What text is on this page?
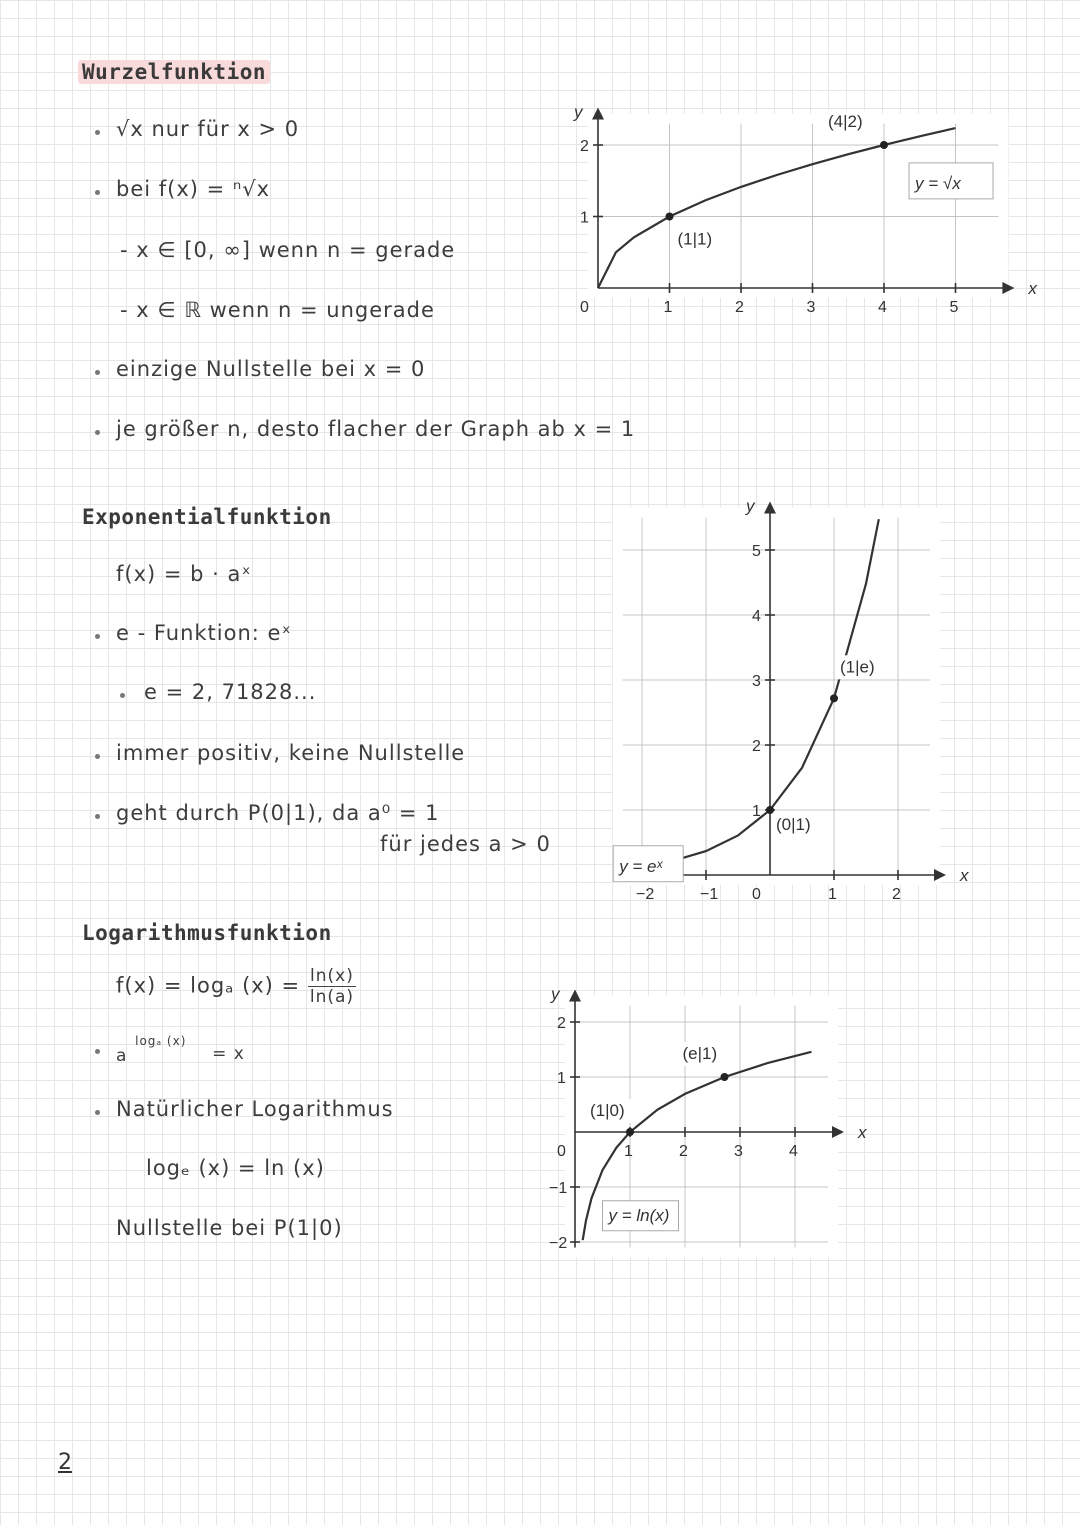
Wurzelfunktion
√x nur für x > 0
bei f(x) = ⁿ√x
- x ∈ [0, ∞] wenn n = gerade
- x ∈ ℝ wenn n = ungerade
einzige Nullstelle bei x = 0
je größer n, desto flacher der Graph ab x = 1
Exponentialfunktion
f(x) = b · aˣ
e - Funktion: eˣ
e = 2, 71828...
immer positiv, keine Nullstelle
geht durch P(0|1), da a⁰ = 1
für jedes a > 0
Logarithmusfunktion
f(x) = logₐ $(x) = \frac{\ln(x)}{\ln(a)}$
$_a$ logₐ (x) $_{= x}$
Natürlicher Logarithmus
logₑ (x) = ln (x)
Nullstelle bei P(1|0)
2
x
y
1	2	3	4	5
1
2
0
(1|1)
(4|2)
y = √x
x
y
−2	−1	1	2
1
2
3
4
5
0
(0|1)
(1|e)
y = eˣ
x
y
1	2	3	4
−2
−1
1
2
0
(1|0)
(e|1)
y = ln(x)
